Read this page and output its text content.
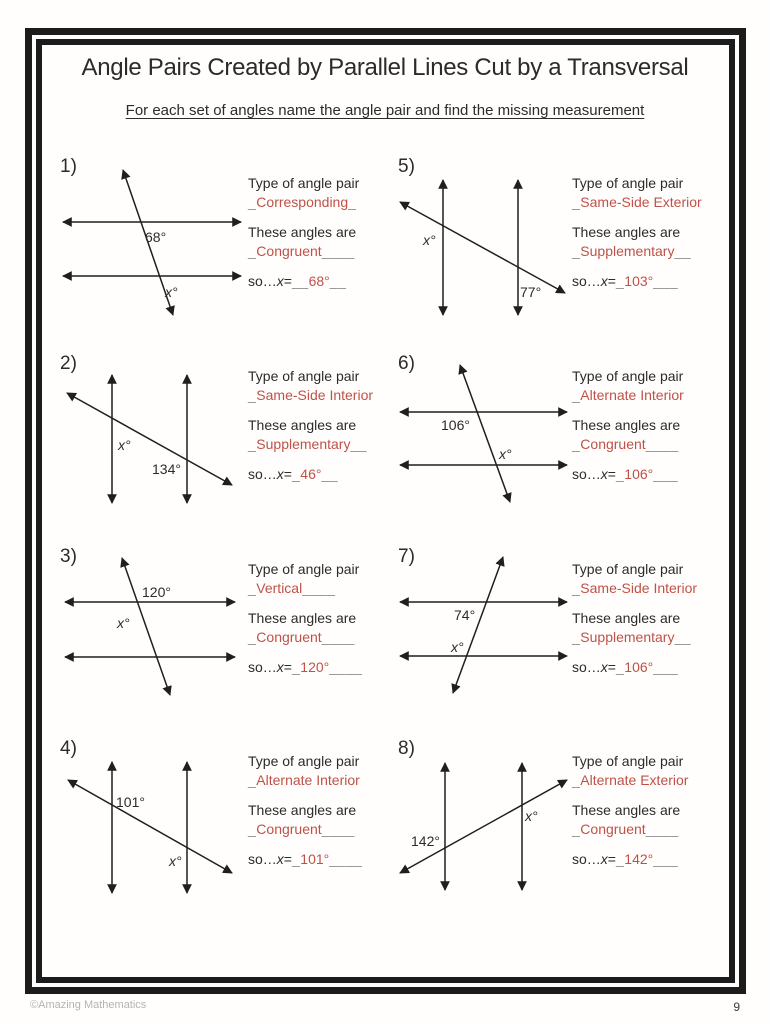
Angle Pairs Created by Parallel Lines Cut by a Transversal
For each set of angles name the angle pair and find the missing measurement
1)
68°
x°
Type of angle pair
_Corresponding_
These angles are
_Congruent____
so…x=__68°__
2)
x°
134°
Type of angle pair
_Same-Side Interior
These angles are
_Supplementary__
so…x=_46°__
3)
120°
x°
Type of angle pair
_Vertical____
These angles are
_Congruent____
so…x=_120°____
4)
101°
x°
Type of angle pair
_Alternate Interior
These angles are
_Congruent____
so…x=_101°____
5)
x°
77°
Type of angle pair
_Same-Side Exterior
These angles are
_Supplementary__
so…x=_103°___
6)
106°
x°
Type of angle pair
_Alternate Interior
These angles are
_Congruent____
so…x=_106°___
7)
74°
x°
Type of angle pair
_Same-Side Interior
These angles are
_Supplementary__
so…x=_106°___
8)
x°
142°
Type of angle pair
_Alternate Exterior
These angles are
_Congruent____
so…x=_142°___
©Amazing Mathematics	9
